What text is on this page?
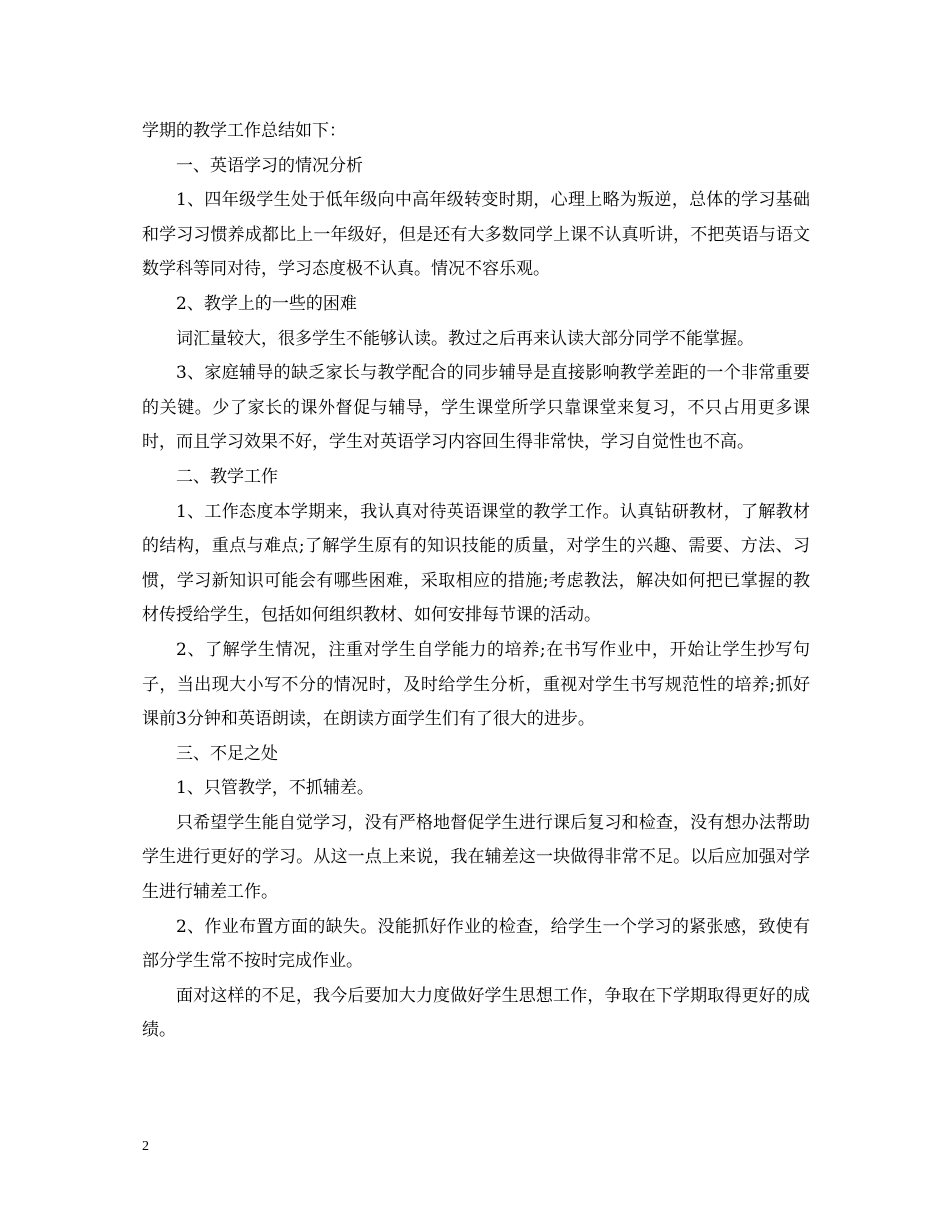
学期的教学工作总结如下：

一、英语学习的情况分析

1、四年级学生处于低年级向中高年级转变时期，心理上略为叛逆，总体的学习基础和学习习惯养成都比上一年级好，但是还有大多数同学上课不认真听讲，不把英语与语文数学科等同对待，学习态度极不认真。情况不容乐观。

2、教学上的一些的困难

词汇量较大，很多学生不能够认读。教过之后再来认读大部分同学不能掌握。

3、家庭辅导的缺乏家长与教学配合的同步辅导是直接影响教学差距的一个非常重要的关键。少了家长的课外督促与辅导，学生课堂所学只靠课堂来复习，不只占用更多课时，而且学习效果不好，学生对英语学习内容回生得非常快，学习自觉性也不高。

二、教学工作

1、工作态度本学期来，我认真对待英语课堂的教学工作。认真钻研教材，了解教材的结构，重点与难点;了解学生原有的知识技能的质量，对学生的兴趣、需要、方法、习惯，学习新知识可能会有哪些困难，采取相应的措施;考虑教法，解决如何把已掌握的教材传授给学生，包括如何组织教材、如何安排每节课的活动。

2、了解学生情况，注重对学生自学能力的培养;在书写作业中，开始让学生抄写句子，当出现大小写不分的情况时，及时给学生分析，重视对学生书写规范性的培养;抓好课前3分钟和英语朗读，在朗读方面学生们有了很大的进步。

三、不足之处

1、只管教学，不抓辅差。

只希望学生能自觉学习，没有严格地督促学生进行课后复习和检查，没有想办法帮助学生进行更好的学习。从这一点上来说，我在辅差这一块做得非常不足。以后应加强对学生进行辅差工作。

2、作业布置方面的缺失。没能抓好作业的检查，给学生一个学习的紧张感，致使有部分学生常不按时完成作业。

面对这样的不足，我今后要加大力度做好学生思想工作，争取在下学期取得更好的成绩。

2
